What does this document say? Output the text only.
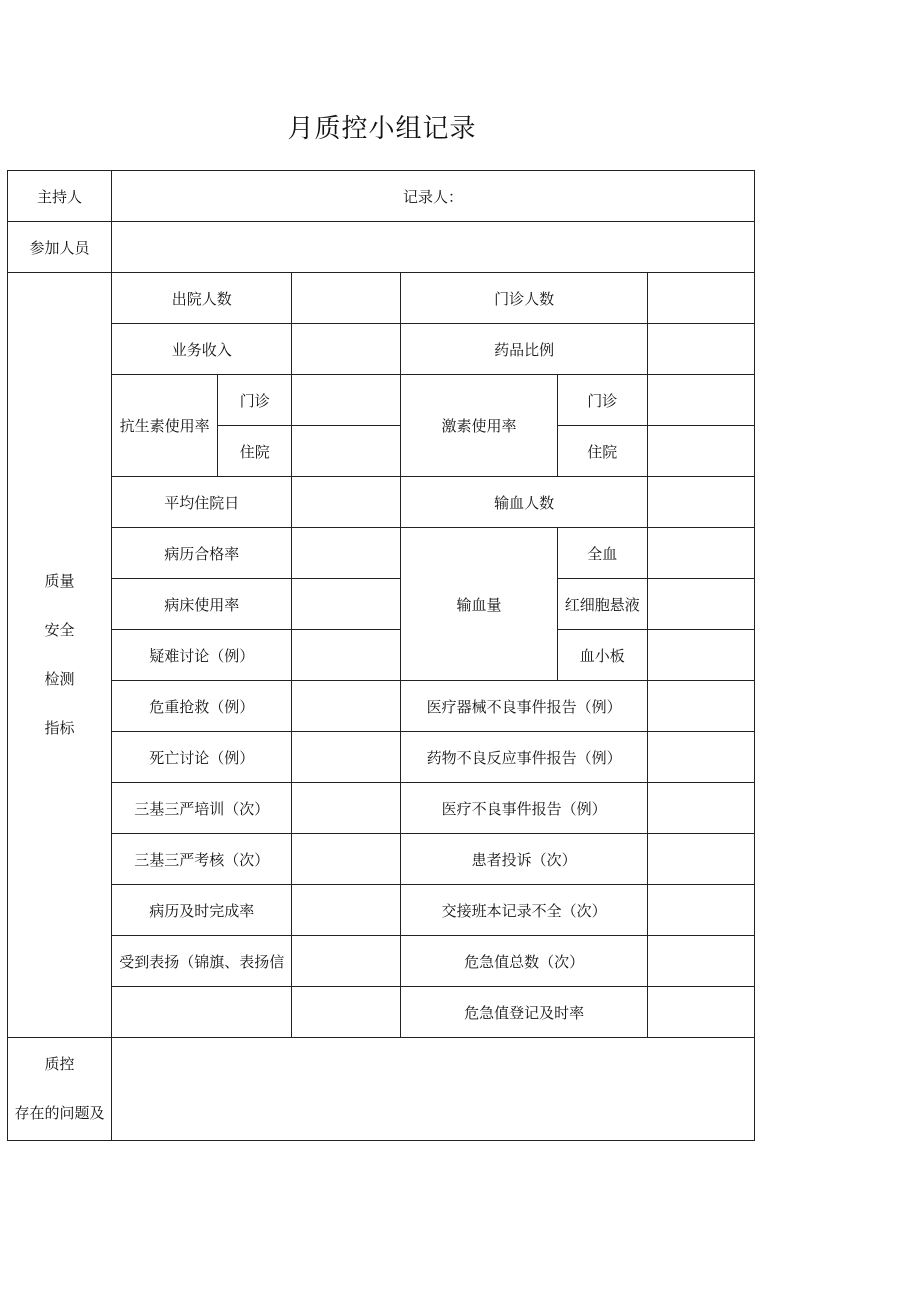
月质控小组记录
主持人	记录人：					
参加人员						

质量
安全
检测
指标	出院人数			门诊人数		
	业务收入			药品比例		
	抗生素使用率	门诊		激素使用率	门诊	
		住院			住院	
	平均住院日			输血人数		
	病历合格率			输血量	全血	
	病床使用率				红细胞悬液	
	疑难讨论（例）				血小板	
	危重抢救（例）			医疗器械不良事件报告（例）		
	死亡讨论（例）			药物不良反应事件报告（例）		
	三基三严培训（次）			医疗不良事件报告（例）		
	三基三严考核（次）			患者投诉（次）		
	病历及时完成率			交接班本记录不全（次）		
	受到表扬（锦旗、表扬信			危急值总数（次）		
				危急值登记及时率		

质控
存在的问题及						
